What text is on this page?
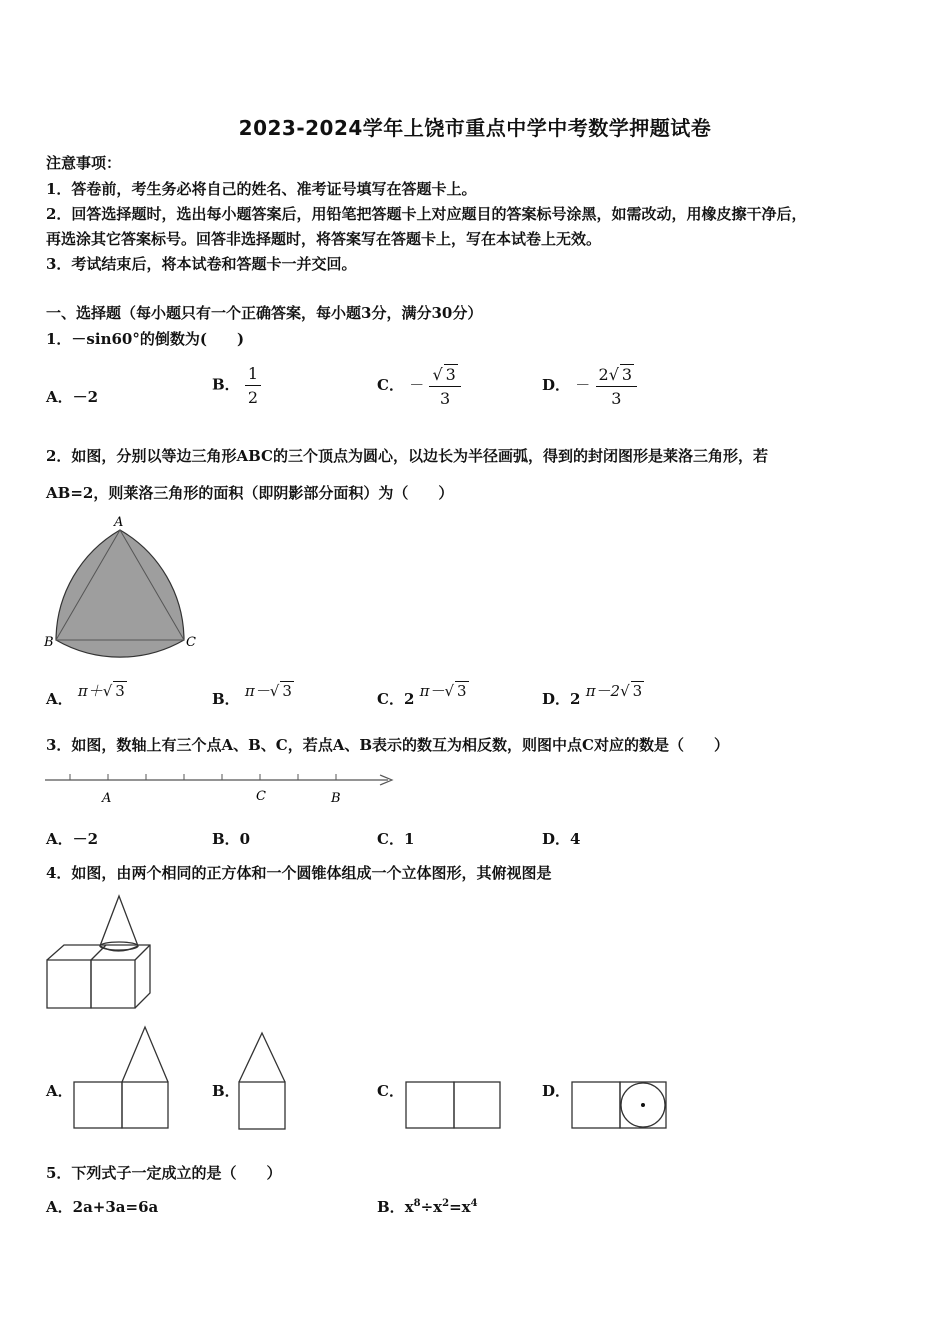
2023-2024学年上饶市重点中学中考数学押题试卷
注意事项：
1．答卷前，考生务必将自己的姓名、准考证号填写在答题卡上。
2．回答选择题时，选出每小题答案后，用铅笔把答题卡上对应题目的答案标号涂黑，如需改动，用橡皮擦干净后，
再选涂其它答案标号。回答非选择题时，将答案写在答题卡上，写在本试卷上无效。
3．考试结束后，将本试卷和答题卡一并交回。
一、选择题（每小题只有一个正确答案，每小题3分，满分30分）
1．－sin60°的倒数为(　　)
A．－2
B． $\frac{1}{2}$	C． － $\frac{√ 3}{3}$	D． － $\frac{2√ 3}{3}$
2．如图，分别以等边三角形ABC的三个顶点为圆心，以边长为半径画弧，得到的封闭图形是莱洛三角形，若
AB=2，则莱洛三角形的面积（即阴影部分面积）为（　　）
A
B	C
A． π＋√ 3	B． π－√ 3	C．2 π－√ 3	D．2 π－2√ 3
3．如图，数轴上有三个点A、B、C，若点A、B表示的数互为相反数，则图中点C对应的数是（　　）
A	C	B
A．－2	B．0	C．1	D．4
4．如图，由两个相同的正方体和一个圆锥体组成一个立体图形，其俯视图是
A．	B．	C．	D．
5．下列式子一定成立的是（　　）
A．2a+3a=6a	B．$x^8\div x^2=x^4$
